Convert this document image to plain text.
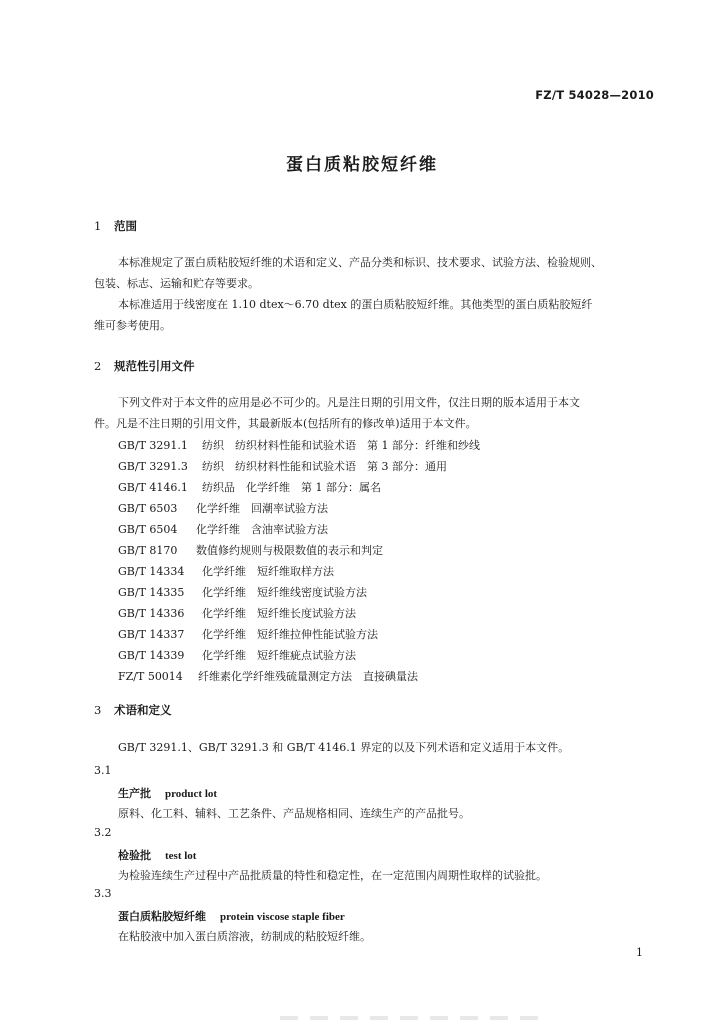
FZ/T 54028—2010
蛋白质粘胶短纤维
1 范围
本标准规定了蛋白质粘胶短纤维的术语和定义、产品分类和标识、技术要求、试验方法、检验规则、
包装、标志、运输和贮存等要求。
本标准适用于线密度在 1.10 dtex～6.70 dtex 的蛋白质粘胶短纤维。其他类型的蛋白质粘胶短纤
维可参考使用。
2 规范性引用文件
下列文件对于本文件的应用是必不可少的。凡是注日期的引用文件，仅注日期的版本适用于本文
件。凡是不注日期的引用文件，其最新版本(包括所有的修改单)适用于本文件。
GB/T 3291.1 纺织　纺织材料性能和试验术语　第 1 部分：纤维和纱线
GB/T 3291.3 纺织　纺织材料性能和试验术语　第 3 部分：通用
GB/T 4146.1 纺织品　化学纤维　第 1 部分：属名
GB/T 6503 化学纤维　回潮率试验方法
GB/T 6504 化学纤维　含油率试验方法
GB/T 8170 数值修约规则与极限数值的表示和判定
GB/T 14334 化学纤维　短纤维取样方法
GB/T 14335 化学纤维　短纤维线密度试验方法
GB/T 14336 化学纤维　短纤维长度试验方法
GB/T 14337 化学纤维　短纤维拉伸性能试验方法
GB/T 14339 化学纤维　短纤维疵点试验方法
FZ/T 50014 纤维素化学纤维残硫量测定方法　直接碘量法
3 术语和定义
GB/T 3291.1、GB/T 3291.3 和 GB/T 4146.1 界定的以及下列术语和定义适用于本文件。
3.1
生产批 product lot
原料、化工料、辅料、工艺条件、产品规格相同、连续生产的产品批号。
3.2
检验批 test lot
为检验连续生产过程中产品批质量的特性和稳定性，在一定范围内周期性取样的试验批。
3.3
蛋白质粘胶短纤维 protein viscose staple fiber
在粘胶液中加入蛋白质溶液，纺制成的粘胶短纤维。
1
